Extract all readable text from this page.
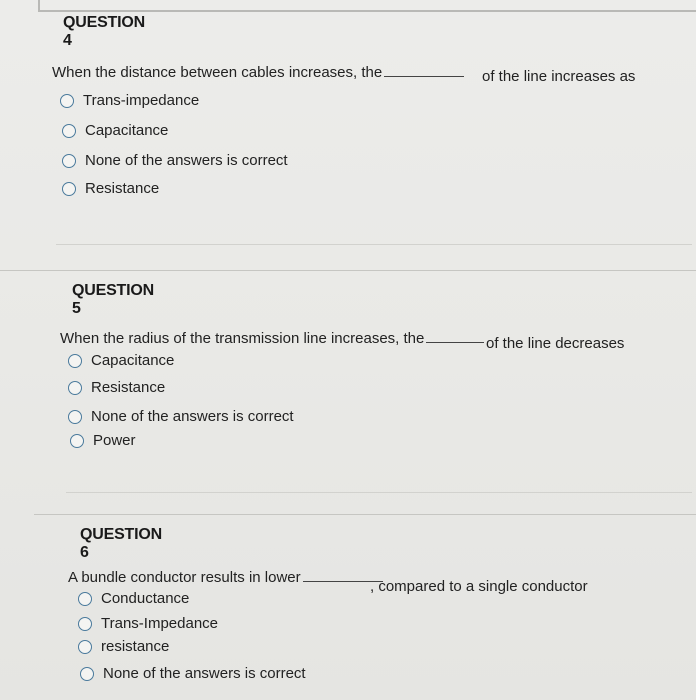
QUESTION 4
When the distance between cables increases, the	of the line increases as
Trans-impedance
Capacitance
None of the answers is correct
Resistance
QUESTION 5
When the radius of the transmission line increases, the	of the line decreases
Capacitance
Resistance
None of the answers is correct
Power
QUESTION 6
A bundle conductor results in lower
, compared to a single conductor
Conductance
Trans-Impedance
resistance
None of the answers is correct
